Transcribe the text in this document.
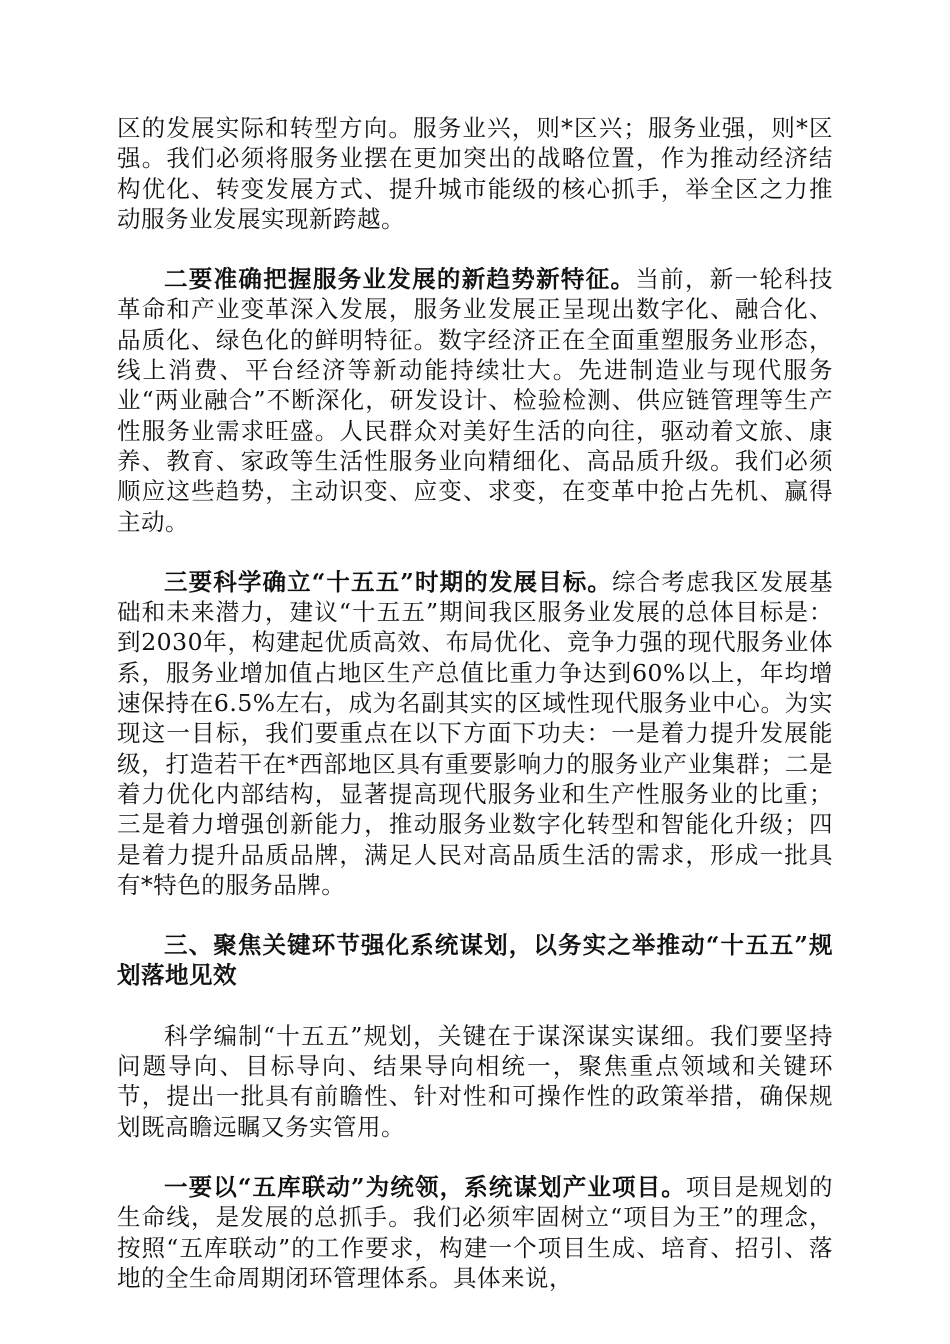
区的发展实际和转型方向。服务业兴，则*区兴；服务业强，则*区强。我们必须将服务业摆在更加突出的战略位置，作为推动经济结构优化、转变发展方式、提升城市能级的核心抓手，举全区之力推动服务业发展实现新跨越。

二要准确把握服务业发展的新趋势新特征。当前，新一轮科技革命和产业变革深入发展，服务业发展正呈现出数字化、融合化、品质化、绿色化的鲜明特征。数字经济正在全面重塑服务业形态，线上消费、平台经济等新动能持续壮大。先进制造业与现代服务业“两业融合”不断深化，研发设计、检验检测、供应链管理等生产性服务业需求旺盛。人民群众对美好生活的向往，驱动着文旅、康养、教育、家政等生活性服务业向精细化、高品质升级。我们必须顺应这些趋势，主动识变、应变、求变，在变革中抢占先机、赢得主动。

三要科学确立“十五五”时期的发展目标。综合考虑我区发展基础和未来潜力，建议“十五五”期间我区服务业发展的总体目标是：到2030年，构建起优质高效、布局优化、竞争力强的现代服务业体系，服务业增加值占地区生产总值比重力争达到60%以上，年均增速保持在6.5%左右，成为名副其实的区域性现代服务业中心。为实现这一目标，我们要重点在以下方面下功夫：一是着力提升发展能级，打造若干在*西部地区具有重要影响力的服务业产业集群；二是着力优化内部结构，显著提高现代服务业和生产性服务业的比重；三是着力增强创新能力，推动服务业数字化转型和智能化升级；四是着力提升品质品牌，满足人民对高品质生活的需求，形成一批具有*特色的服务品牌。

三、聚焦关键环节强化系统谋划，以务实之举推动“十五五”规划落地见效

科学编制“十五五”规划，关键在于谋深谋实谋细。我们要坚持问题导向、目标导向、结果导向相统一，聚焦重点领域和关键环节，提出一批具有前瞻性、针对性和可操作性的政策举措，确保规划既高瞻远瞩又务实管用。

一要以“五库联动”为统领，系统谋划产业项目。项目是规划的生命线，是发展的总抓手。我们必须牢固树立“项目为王”的理念，按照“五库联动”的工作要求，构建一个项目生成、培育、招引、落地的全生命周期闭环管理体系。具体来说，
